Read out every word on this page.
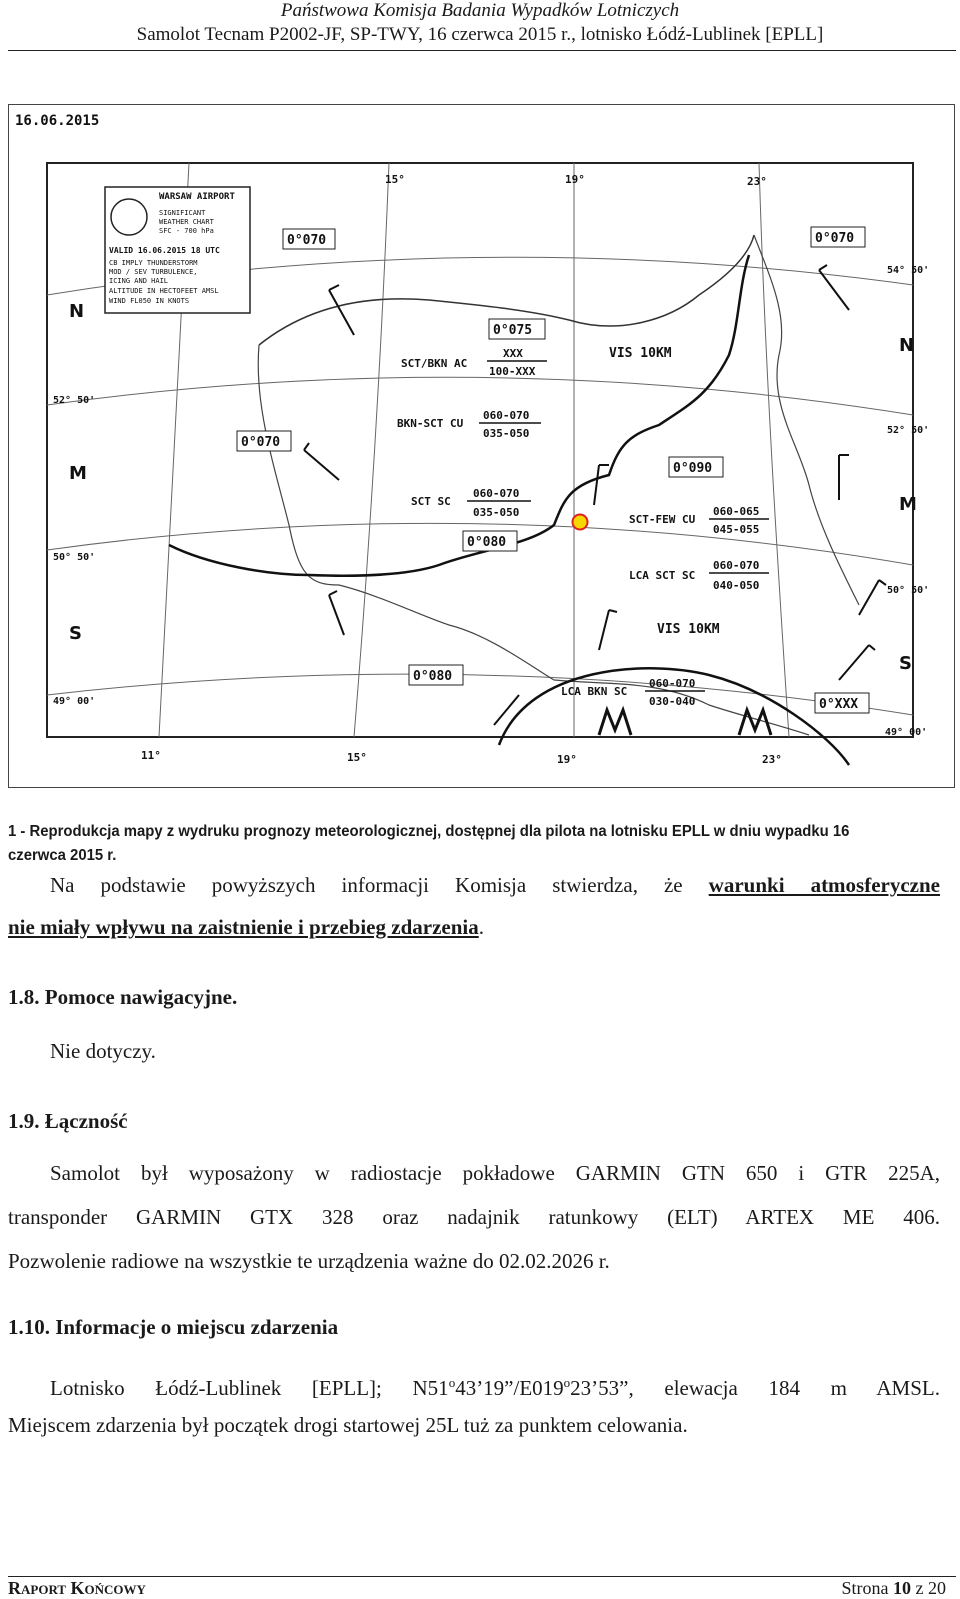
Państwowa Komisja Badania Wypadków Lotniczych
Samolot Tecnam P2002-JF, SP-TWY, 16 czerwca 2015 r., lotnisko Łódź-Lublinek [EPLL]
16.06.2015
WARSAW AIRPORT
SIGNIFICANT
WEATHER CHART
SFC - 700 hPa
VALID 16.06.2015 18 UTC
CB IMPLY THUNDERSTORM
MOD / SEV TURBULENCE,
ICING AND HAIL
ALTITUDE IN HECTOFEET AMSL
WIND FL050 IN KNOTS
15°	19°	23°
11°	15°	19°	23°
52° 50'
50° 50'
49° 00'
54° 50'
52° 50'
50° 50'
49° 00'
N
M
S
N
M
S
0°070
0°075
0°070
0°090
0°080
0°080
0°070
0°XXX
SCT/BKN AC
XXX
100-XXX
BKN-SCT CU
060-070
035-050
SCT SC
060-070
035-050
SCT-FEW CU
060-065
045-055
LCA SCT SC
060-070
040-050
LCA BKN SC
060-070
030-040
VIS 10KM
VIS 10KM
1 - Reprodukcja mapy z wydruku prognozy meteorologicznej, dostępnej dla pilota na lotnisku EPLL w dniu wypadku 16 czerwca 2015 r.
Na podstawie powyższych informacji Komisja stwierdza, że warunki atmosferyczne
nie miały wpływu na zaistnienie i przebieg zdarzenia.
1.8. Pomoce nawigacyjne.
Nie dotyczy.
1.9. Łączność
Samolot był wyposażony w radiostacje pokładowe GARMIN GTN 650 i GTR 225A,
transponder GARMIN GTX 328 oraz nadajnik ratunkowy (ELT) ARTEX ME 406.
Pozwolenie radiowe na wszystkie te urządzenia ważne do 02.02.2026 r.
1.10. Informacje o miejscu zdarzenia
Lotnisko Łódź-Lublinek [EPLL]; N51$^o$43’19”/E019$^o$23’53”, elewacja 184 m AMSL.
Miejscem zdarzenia był początek drogi startowej 25L tuż za punktem celowania.
Raport Końcowy	Strona 10 z 20
